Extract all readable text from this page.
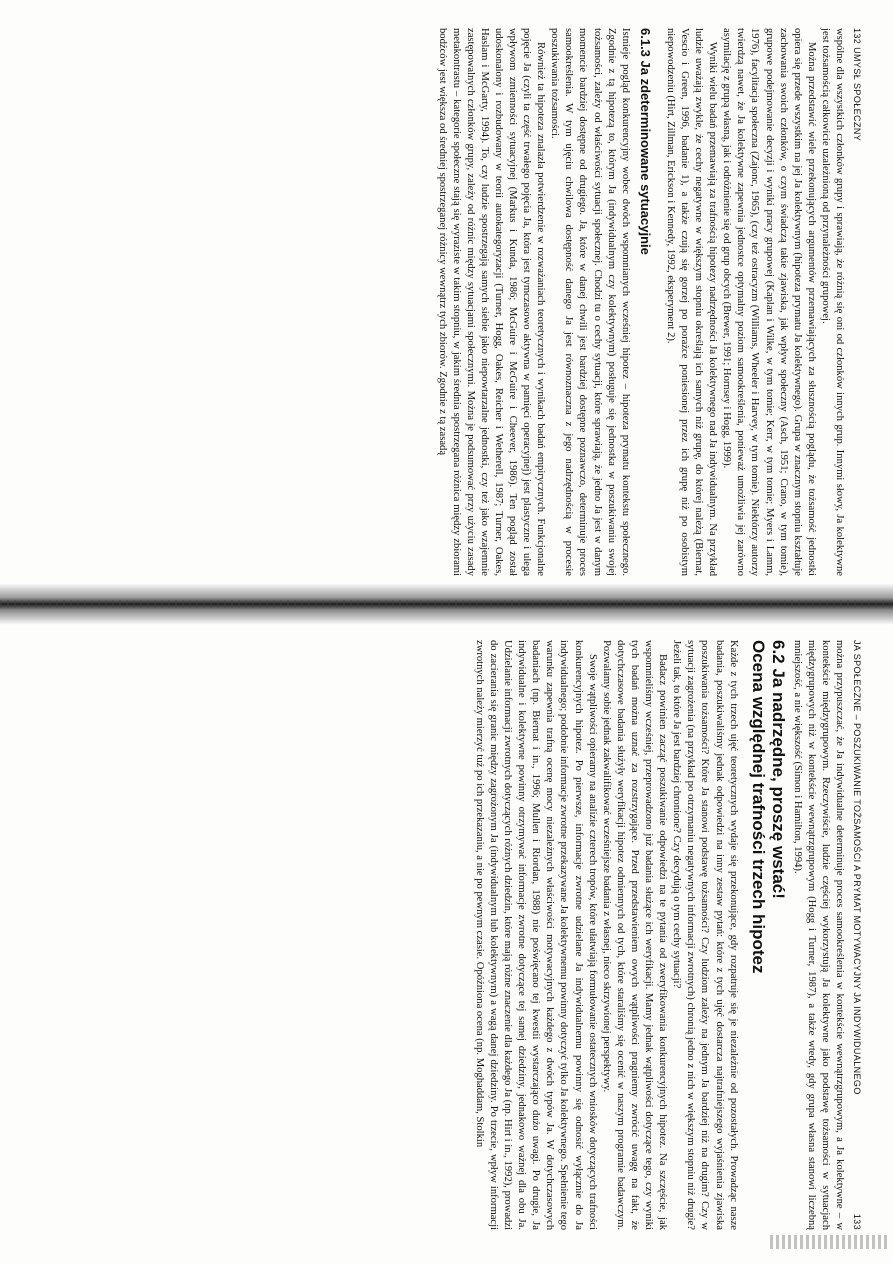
132 UMYSŁ SPOŁECZNY

wspólne dla wszystkich członków grupy i sprawiają, że różnią się oni od członków innych grup. Innymi słowy, Ja kolektywne jest tożsamością całkowicie uzależnioną od przynależności grupowej.

Można przedstawić wiele przekonujących argumentów przemawiających za słusznością poglądu, że tożsamość jednostki opiera się przede wszystkim na jej Ja kolektywnym (hipoteza prymatu Ja kolektywnego). Grupa w znacznym stopniu kształtuje zachowania swoich członków, o czym świadczą takie zjawiska, jak wpływ społeczny (Asch, 1951; Crano, w tym tomie), grupowe podejmowanie decyzji i wyniki pracy grupowej (Kaplan i Wilke, w tym tomie; Kerr, w tym tomie; Myers i Lamm, 1976), facylitacja społeczna (Zajonc, 1965), (czy też ostracyzm (Williams, Wheeler i Harvey, w tym tomie). Niektórzy autorzy twierdzą nawet, że Ja kolektywne zapewnia jednostce optymalny poziom samookreślenia, ponieważ umożliwia jej zarówno asymilację z grupą własną, jak i odróżnienie się od grup obcych (Brewer, 1991; Hornsey i Hogg, 1999).

Wyniki wielu badań przemawiają za trafnością hipotezy nadrzędności Ja kolektywnego nad Ja indywidualnym. Na przykład ludzie uważają zwykle, że cechy negatywne w większym stopniu określają ich samych niż grupę, do której należą (Biernat, Vescio i Green, 1996, badanie 1), a także czują się gorzej po porażce poniesionej przez ich grupę niż po osobistym niepowodzeniu (Hirt, Zillman, Erickson i Kennedy, 1992, eksperyment 2).

6.1.3 Ja zdeterminowane sytuacyjnie

Istnieje pogląd konkurencyjny wobec dwóch wspomnianych wcześniej hipotez – hipoteza prymatu kontekstu społecznego. Zgodnie z tą hipotezą to, którym Ja (indywidualnym czy kolektywnym) posługuje się jednostka w poszukiwaniu swojej tożsamości, zależy od właściwości sytuacji społecznej. Chodzi tu o cechy sytuacji, które sprawiają, że jedno Ja jest w danym momencie bardziej dostępne od drugiego. Ja, które w danej chwili jest bardziej dostępne poznawczo, determinuje proces samookreślenia. W tym ujęciu chwilowa dostępność danego Ja jest równoznaczna z jego nadrzędnością w procesie poszukiwania tożsamości.

Również ta hipoteza znalazła potwierdzenie w rozważaniach teoretycznych i wynikach badań empirycznych. Funkcjonalne pojęcie Ja (czyli ta część trwałego pojęcia Ja, która jest tymczasowo aktywna w pamięci operacyjnej) jest plastyczne i ulega wpływom zmienności sytuacyjnej (Markus i Kunda, 1986; McGuire i McGuire i Cheever, 1986). Ten pogląd został udoskonalony i rozbudowany w teorii autokategoryzacji (Turner, Hogg, Oakes, Reicher i Wetherell, 1987; Turner, Oakes, Haslam i McGarty, 1994). To, czy ludzie spostrzegają samych siebie jako niepowtarzalne jednostki, czy też jako wzajemnie zastępowalnych członków grupy, zależy od różnic między sytuacjami społecznymi. Można je podsumować przy użyciu zasady metakontrastu – kategorie społeczne stają się wyraziste w takim stopniu, w jakim średnia spostrzegana różnica między zbiorami bodźców jest większa od średniej spostrzeganej różnicy wewnątrz tych zbiorów. Zgodnie z tą zasadą

JA SPOŁECZNE – POSZUKIWANIE TOŻSAMOŚCI A PRYMAT MOTYWACYJNY JA INDYWIDUALNEGO
133

można przypuszczać, że Ja indywidualne determinuje proces samookreślenia w kontekście wewnątrzgrupowym, a Ja kolektywne – w kontekście międzygrupowym. Rzeczywiście, ludzie częściej wykorzystują Ja kolektywne jako podstawę tożsamości w sytuacjach międzygrupowych niż w kontekście wewnątrzgrupowym (Hogg i Turner, 1987), a także wtedy, gdy grupa własna stanowi liczebną mniejszość, a nie większość (Simon i Hamilton, 1994).

6.2 Ja nadrzędne, proszę wstać!
Ocena względnej trafności trzech hipotez

Każde z tych trzech ujęć teoretycznych wydaje się przekonujące, gdy rozpatruje się je niezależnie od pozostałych. Prowadząc nasze badania, poszukiwaliśmy jednak odpowiedzi na inny zestaw pytań: które z tych ujęć dostarcza najtrafniejszego wyjaśnienia zjawiska poszukiwania tożsamości? Które Ja stanowi podstawę tożsamości? Czy ludziom zależy na jednym Ja bardziej niż na drugim? Czy w sytuacji zagrożenia (na przykład po otrzymaniu negatywnych informacji zwrotnych) chronią jedno z nich w większym stopniu niż drugie? Jeżeli tak, to które Ja jest bardziej chronione? Czy decydują o tym cechy sytuacji?

Badacz powinien zacząć poszukiwanie odpowiedzi na te pytania od zweryfikowania konkurencyjnych hipotez. Na szczęście, jak wspomnieliśmy wcześniej, przeprowadzono już badania służące ich weryfikacji. Mamy jednak wątpliwości dotyczące tego, czy wyniki tych badań można uznać za rozstrzygające. Przed przedstawieniem owych wątpliwości pragniemy zwrócić uwagę na fakt, że dotychczasowe badania służyły weryfikacji hipotez odmiennych od tych, które staraliśmy się ocenić w naszym programie badawczym. Pozwalamy sobie jednak zakwalifikować wcześniejsze badania z własnej, nieco skrzywionej perspektywy.

Swoje wątpliwości opieramy na analizie czterech tropów, które ułatwiają formułowanie ostatecznych wniosków dotyczących trafności konkurencyjnych hipotez. Po pierwsze, informacje zwrotne udzielane Ja indywidualnemu powinny się odnosić wyłącznie do Ja indywidualnego; podobnie informacje zwrotne przekazywane Ja kolektywnemu powinny dotyczyć tylko Ja kolektywnego. Spełnienie tego warunku zapewnia trafną ocenę mocy niezależnych właściwości motywacyjnych każdego z dwóch typów Ja. W dotychczasowych badaniach (np. Biernat i in., 1996; Mullen i Riordan, 1988) nie poświęcano tej kwestii wystarczająco dużo uwagi. Po drugie, Ja indywidualne i kolektywne powinny otrzymywać informacje zwrotne dotyczące tej samej dziedziny, jednakowo ważnej dla obu Ja. Udzielanie informacji zwrotnych dotyczących różnych dziedzin, które mają różne znaczenie dla każdego Ja (np. Hirt i in., 1992), prowadzi do zacierania się granic między zagrożonym Ja (indywidualnym lub kolektywnym) a wagą danej dziedziny. Po trzecie, wpływ informacji zwrotnych należy mierzyć tuż po ich przekazaniu, a nie po pewnym czasie. Opóźniona ocena (np. Moghaddam, Stolkin
